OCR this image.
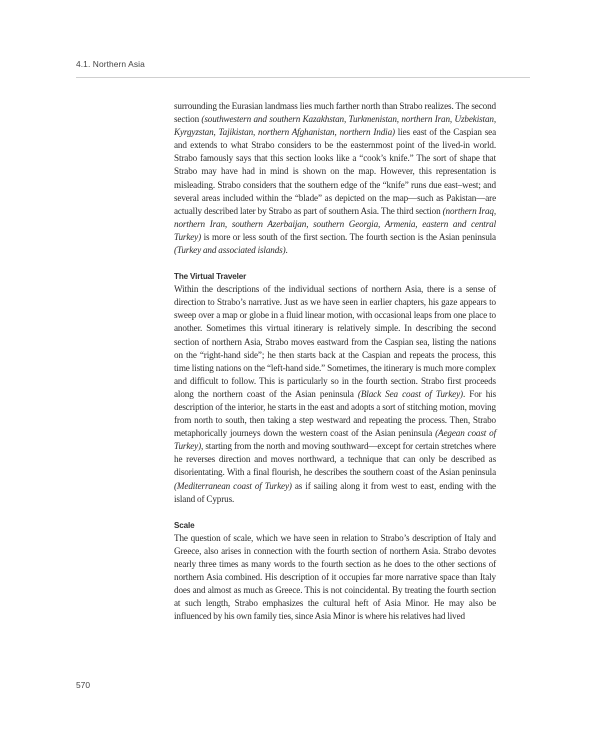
4.1. Northern Asia

surrounding the Eurasian landmass lies much farther north than Strabo realizes. The second section (southwestern and southern Kazakhstan, Turkmenistan, northern Iran, Uzbekistan, Kyrgyzstan, Tajikistan, northern Afghanistan, northern India) lies east of the Caspian sea and extends to what Strabo considers to be the easternmost point of the lived-in world. Strabo famously says that this section looks like a “cook’s knife.” The sort of shape that Strabo may have had in mind is shown on the map. However, this representation is misleading. Strabo considers that the southern edge of the “knife” runs due east–west; and several areas included within the “blade” as depicted on the map—such as Pakistan—are actually described later by Strabo as part of southern Asia. The third section (northern Iraq, northern Iran, southern Azerbaijan, southern Georgia, Armenia, eastern and central Turkey) is more or less south of the first section. The fourth section is the Asian peninsula (Turkey and associated islands).

The Virtual Traveler

Within the descriptions of the individual sections of northern Asia, there is a sense of direction to Strabo’s narrative. Just as we have seen in earlier chapters, his gaze appears to sweep over a map or globe in a fluid linear motion, with occasional leaps from one place to another. Sometimes this virtual itinerary is relatively simple. In describing the second section of northern Asia, Strabo moves eastward from the Caspian sea, listing the nations on the “right-hand side”; he then starts back at the Caspian and repeats the process, this time listing nations on the “left-hand side.” Sometimes, the itinerary is much more complex and difficult to follow. This is particularly so in the fourth section. Strabo first proceeds along the northern coast of the Asian peninsula (Black Sea coast of Turkey). For his description of the interior, he starts in the east and adopts a sort of stitching motion, moving from north to south, then taking a step westward and repeating the process. Then, Strabo metaphorically journeys down the western coast of the Asian peninsula (Aegean coast of Turkey), starting from the north and moving southward—except for certain stretches where he reverses direction and moves northward, a technique that can only be described as disorientating. With a final flourish, he describes the southern coast of the Asian peninsula (Mediterranean coast of Turkey) as if sailing along it from west to east, ending with the island of Cyprus.

Scale

The question of scale, which we have seen in relation to Strabo’s description of Italy and Greece, also arises in connection with the fourth section of northern Asia. Strabo devotes nearly three times as many words to the fourth section as he does to the other sections of northern Asia combined. His description of it occupies far more narrative space than Italy does and almost as much as Greece. This is not coincidental. By treating the fourth section at such length, Strabo emphasizes the cultural heft of Asia Minor. He may also be influenced by his own family ties, since Asia Minor is where his relatives had lived

570
